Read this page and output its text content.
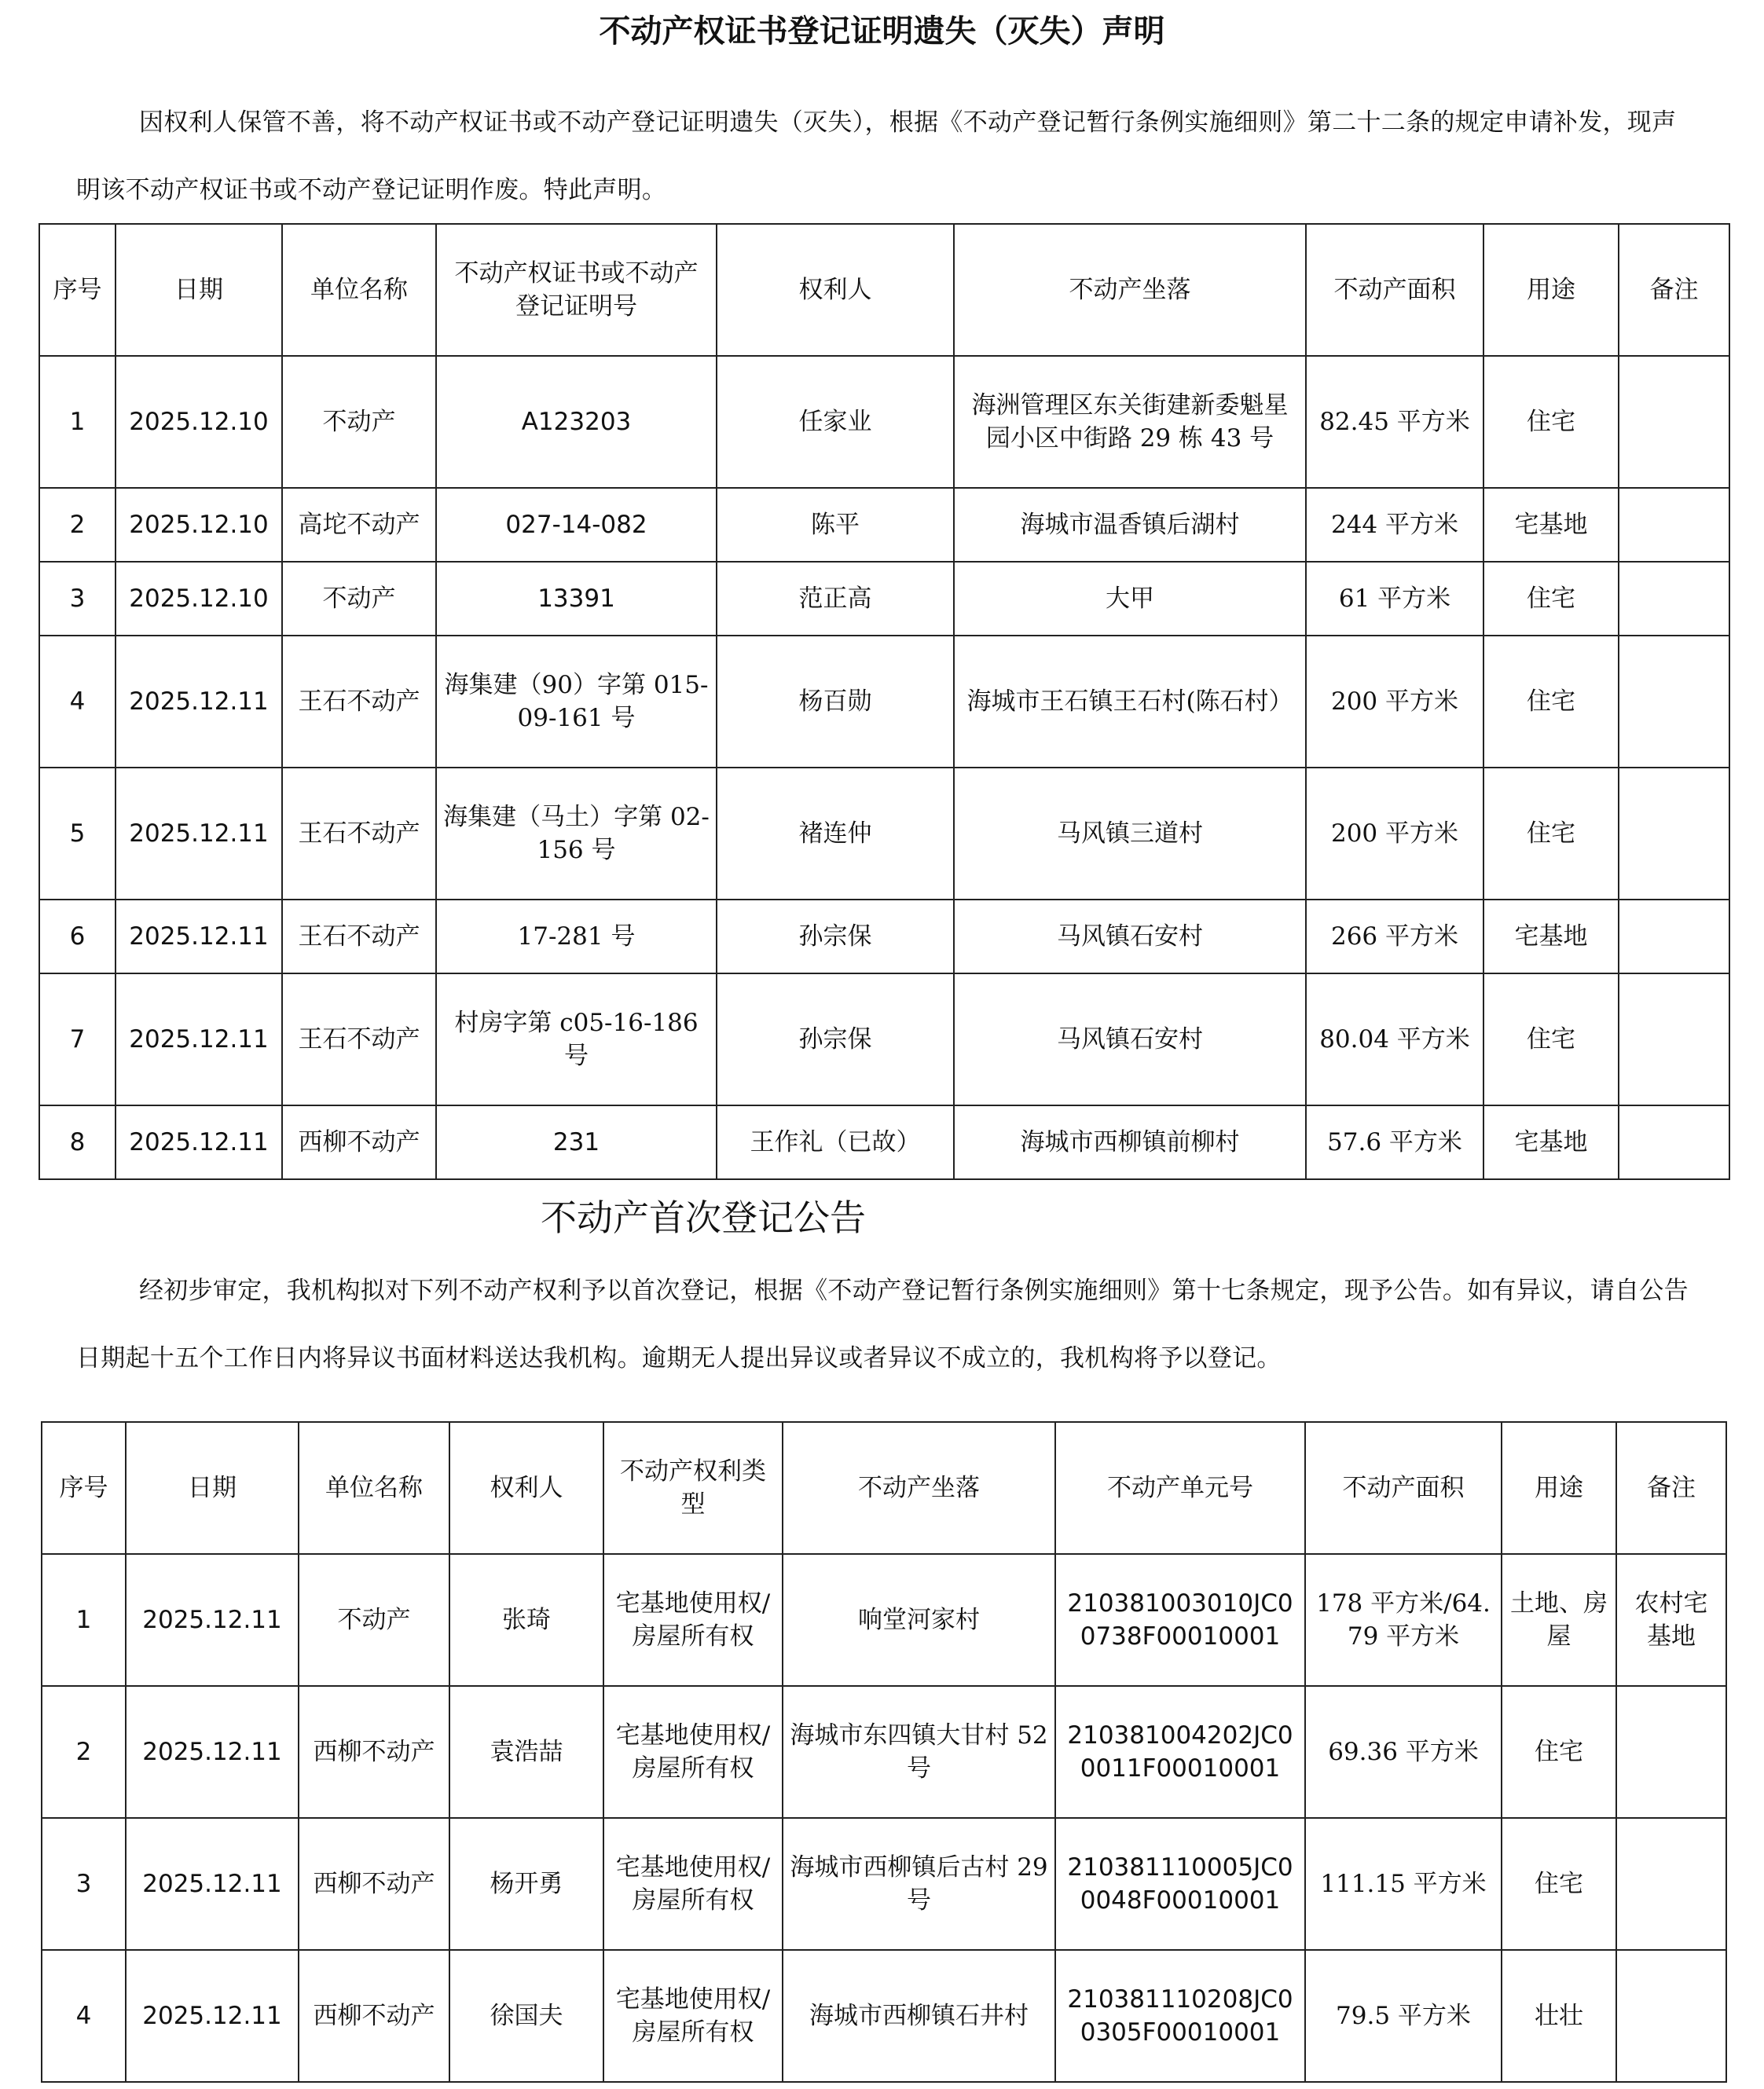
不动产权证书登记证明遗失（灭失）声明
因权利人保管不善，将不动产权证书或不动产登记证明遗失（灭失），根据《不动产登记暂行条例实施细则》第二十二条的规定申请补发，现声明该不动产权证书或不动产登记证明作废。特此声明。
序号	日期	单位名称	不动产权证书或不动产登记证明号	权利人	不动产坐落	不动产面积	用途	备注
1	2025.12.10	不动产	A123203	任家业	海洲管理区东关街建新委魁星园小区中街路 29 栋 43 号	82.45 平方米	住宅	
2	2025.12.10	高坨不动产	027-14-082	陈平	海城市温香镇后湖村	244 平方米	宅基地	
3	2025.12.10	不动产	13391	范正高	大甲	61 平方米	住宅	
4	2025.12.11	王石不动产	海集建（90）字第 015-09-161 号	杨百勋	海城市王石镇王石村(陈石村）	200 平方米	住宅	
5	2025.12.11	王石不动产	海集建（马土）字第 02-156 号	褚连仲	马风镇三道村	200 平方米	住宅	
6	2025.12.11	王石不动产	17-281 号	孙宗保	马风镇石安村	266 平方米	宅基地	
7	2025.12.11	王石不动产	村房字第 c05-16-186 号	孙宗保	马风镇石安村	80.04 平方米	住宅	
8	2025.12.11	西柳不动产	231	王作礼（已故）	海城市西柳镇前柳村	57.6 平方米	宅基地	
不动产首次登记公告
经初步审定，我机构拟对下列不动产权利予以首次登记，根据《不动产登记暂行条例实施细则》第十七条规定，现予公告。如有异议，请自公告日期起十五个工作日内将异议书面材料送达我机构。逾期无人提出异议或者异议不成立的，我机构将予以登记。
序号	日期	单位名称	权利人	不动产权利类型	不动产坐落	不动产单元号	不动产面积	用途	备注
1	2025.12.11	不动产	张琦	宅基地使用权/房屋所有权	响堂河家村	210381003010JC00738F00010001	178 平方米/64.79 平方米	土地、房屋	农村宅基地
2	2025.12.11	西柳不动产	袁浩喆	宅基地使用权/房屋所有权	海城市东四镇大甘村 52 号	210381004202JC00011F00010001	69.36 平方米	住宅	
3	2025.12.11	西柳不动产	杨开勇	宅基地使用权/房屋所有权	海城市西柳镇后古村 29 号	210381110005JC00048F00010001	111.15 平方米	住宅	
4	2025.12.11	西柳不动产	徐国夫	宅基地使用权/房屋所有权	海城市西柳镇石井村	210381110208JC00305F00010001	79.5 平方米	壮壮	
